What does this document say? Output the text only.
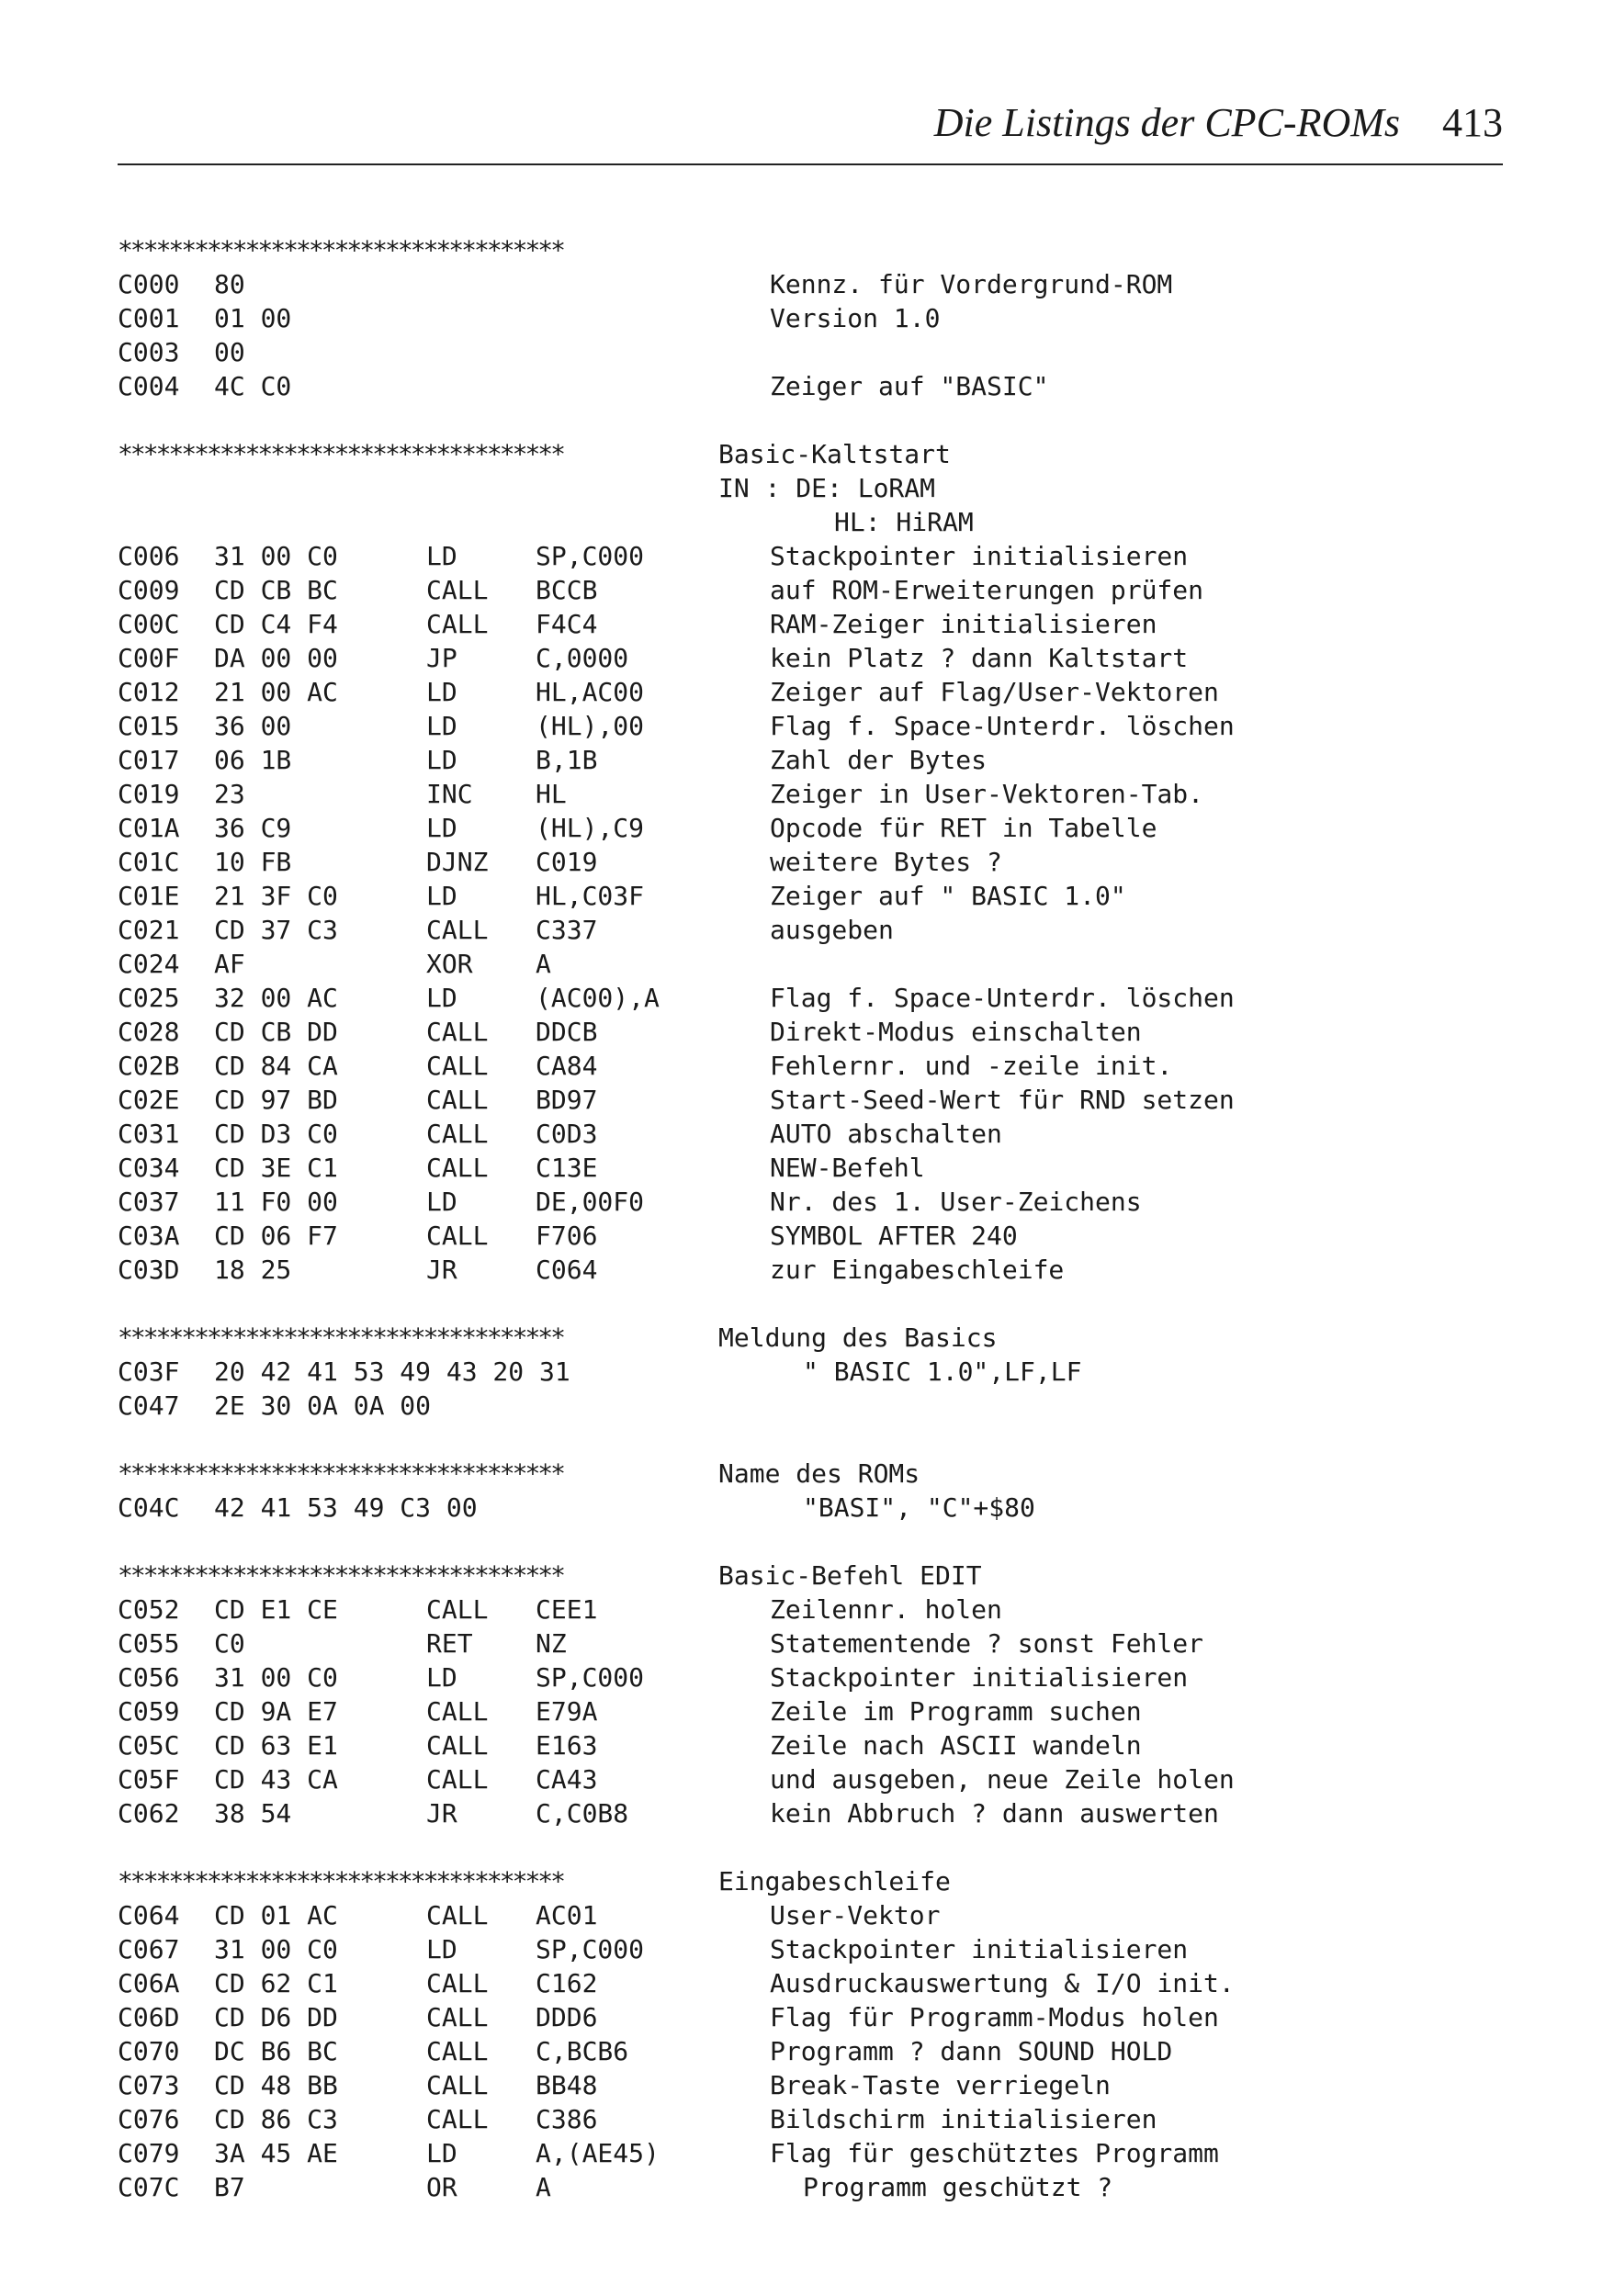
Die Listings der CPC-ROMs 413
***********************************
C000 80	Kennz. für Vordergrund-ROM
C001 01 00	Version 1.0
C003 00
C004 4C C0	Zeiger auf "BASIC"
***********************************	Basic-Kaltstart
IN : DE: LoRAM
HL: HiRAM
C006 31 00 C0	LD	SP,C000	Stackpointer initialisieren
C009 CD CB BC	CALL BCCB	auf ROM-Erweiterungen prüfen
C00C CD C4 F4	CALL F4C4	RAM-Zeiger initialisieren
C00F DA 00 00	JP	C,0000	kein Platz ? dann Kaltstart
C012 21 00 AC	LD	HL,AC00	Zeiger auf Flag/User-Vektoren
C015 36 00	LD	(HL),00	Flag f. Space-Unterdr. löschen
C017 06 1B	LD	B,1B	Zahl der Bytes
C019 23	INC HL	Zeiger in User-Vektoren-Tab.
C01A 36 C9	LD	(HL),C9	Opcode für RET in Tabelle
C01C 10 FB	DJNZ C019	weitere Bytes ?
C01E 21 3F C0	LD	HL,C03F	Zeiger auf " BASIC 1.0"
C021 CD 37 C3	CALL C337	ausgeben
C024 AF	XOR A
C025 32 00 AC	LD	(AC00),A	Flag f. Space-Unterdr. löschen
C028 CD CB DD	CALL DDCB	Direkt-Modus einschalten
C02B CD 84 CA	CALL CA84	Fehlernr. und -zeile init.
C02E CD 97 BD	CALL BD97	Start-Seed-Wert für RND setzen
C031 CD D3 C0	CALL C0D3	AUTO abschalten
C034 CD 3E C1	CALL C13E	NEW-Befehl
C037 11 F0 00	LD	DE,00F0	Nr. des 1. User-Zeichens
C03A CD 06 F7	CALL F706	SYMBOL AFTER 240
C03D 18 25	JR	C064	zur Eingabeschleife
***********************************	Meldung des Basics
C03F 20 42 41 53 49 43 20 31	" BASIC 1.0",LF,LF
C047 2E 30 0A 0A 00
***********************************	Name des ROMs
C04C 42 41 53 49 C3 00	"BASI", "C"+$80
***********************************	Basic-Befehl EDIT
C052 CD E1 CE	CALL CEE1	Zeilennr. holen
C055 C0	RET NZ	Statementende ? sonst Fehler
C056 31 00 C0	LD	SP,C000	Stackpointer initialisieren
C059 CD 9A E7	CALL E79A	Zeile im Programm suchen
C05C CD 63 E1	CALL E163	Zeile nach ASCII wandeln
C05F CD 43 CA	CALL CA43	und ausgeben, neue Zeile holen
C062 38 54	JR	C,C0B8	kein Abbruch ? dann auswerten
***********************************	Eingabeschleife
C064 CD 01 AC	CALL AC01	User-Vektor
C067 31 00 C0	LD	SP,C000	Stackpointer initialisieren
C06A CD 62 C1	CALL C162	Ausdruckauswertung & I/O init.
C06D CD D6 DD	CALL DDD6	Flag für Programm-Modus holen
C070 DC B6 BC	CALL C,BCB6	Programm ? dann SOUND HOLD
C073 CD 48 BB	CALL BB48	Break-Taste verriegeln
C076 CD 86 C3	CALL C386	Bildschirm initialisieren
C079 3A 45 AE	LD	A,(AE45)	Flag für geschütztes Programm
C07C B7	OR	A	Programm geschützt ?
